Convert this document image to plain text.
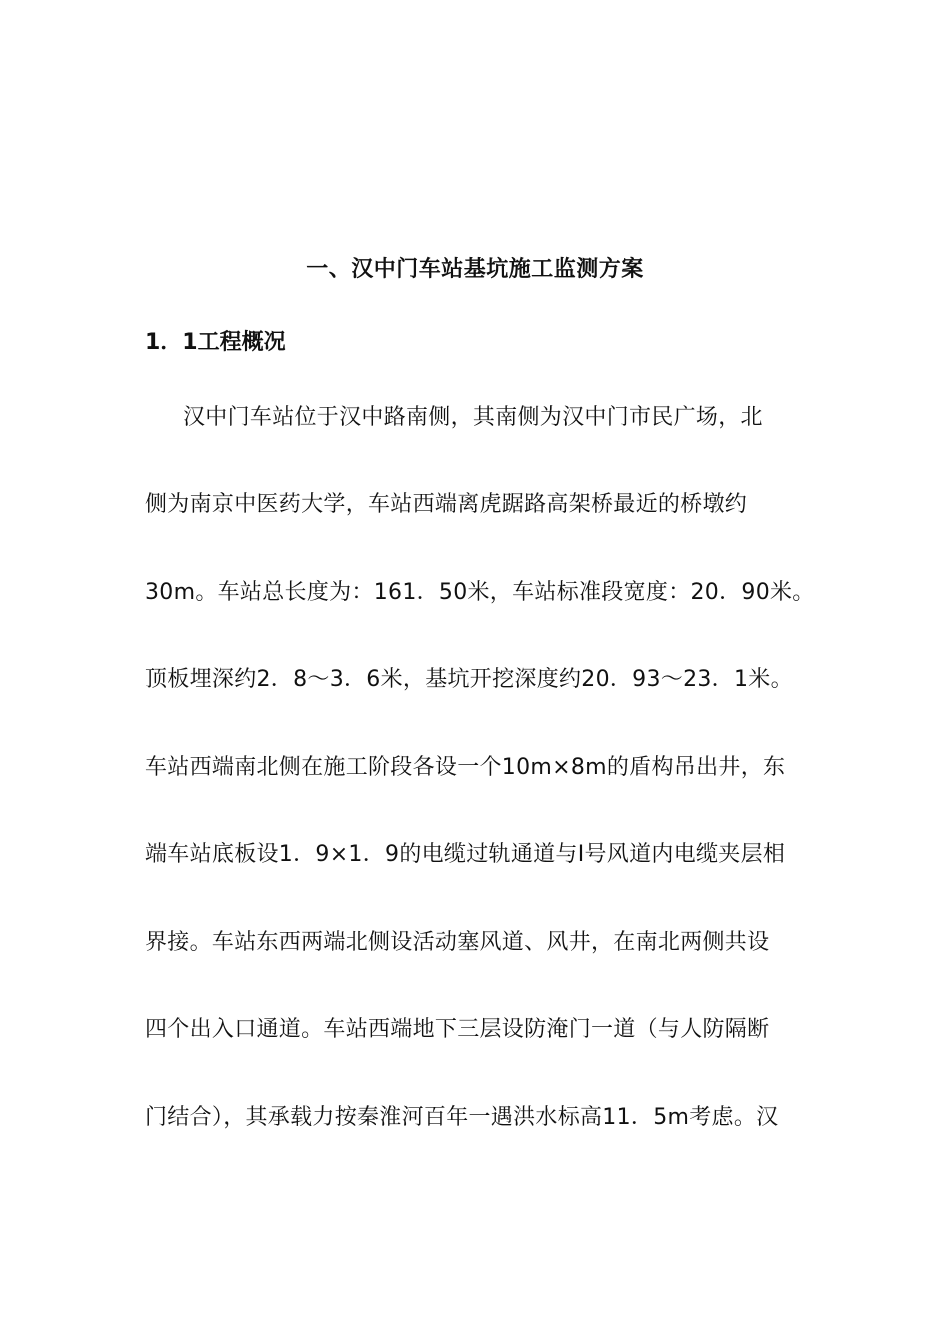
一、汉中门车站基坑施工监测方案
1．1工程概况
汉中门车站位于汉中路南侧，其南侧为汉中门市民广场，北
侧为南京中医药大学，车站西端离虎踞路高架桥最近的桥墩约
30m。车站总长度为：161．50米，车站标准段宽度：20．90米。
顶板埋深约2．8～3．6米，基坑开挖深度约20．93～23．1米。
车站西端南北侧在施工阶段各设一个10m×8m的盾构吊出井，东
端车站底板设1．9×1．9的电缆过轨通道与Ⅰ号风道内电缆夹层相
界接。车站东西两端北侧设活动塞风道、风井，在南北两侧共设
四个出入口通道。车站西端地下三层设防淹门一道（与人防隔断
门结合），其承载力按秦淮河百年一遇洪水标高11．5m考虑。汉
